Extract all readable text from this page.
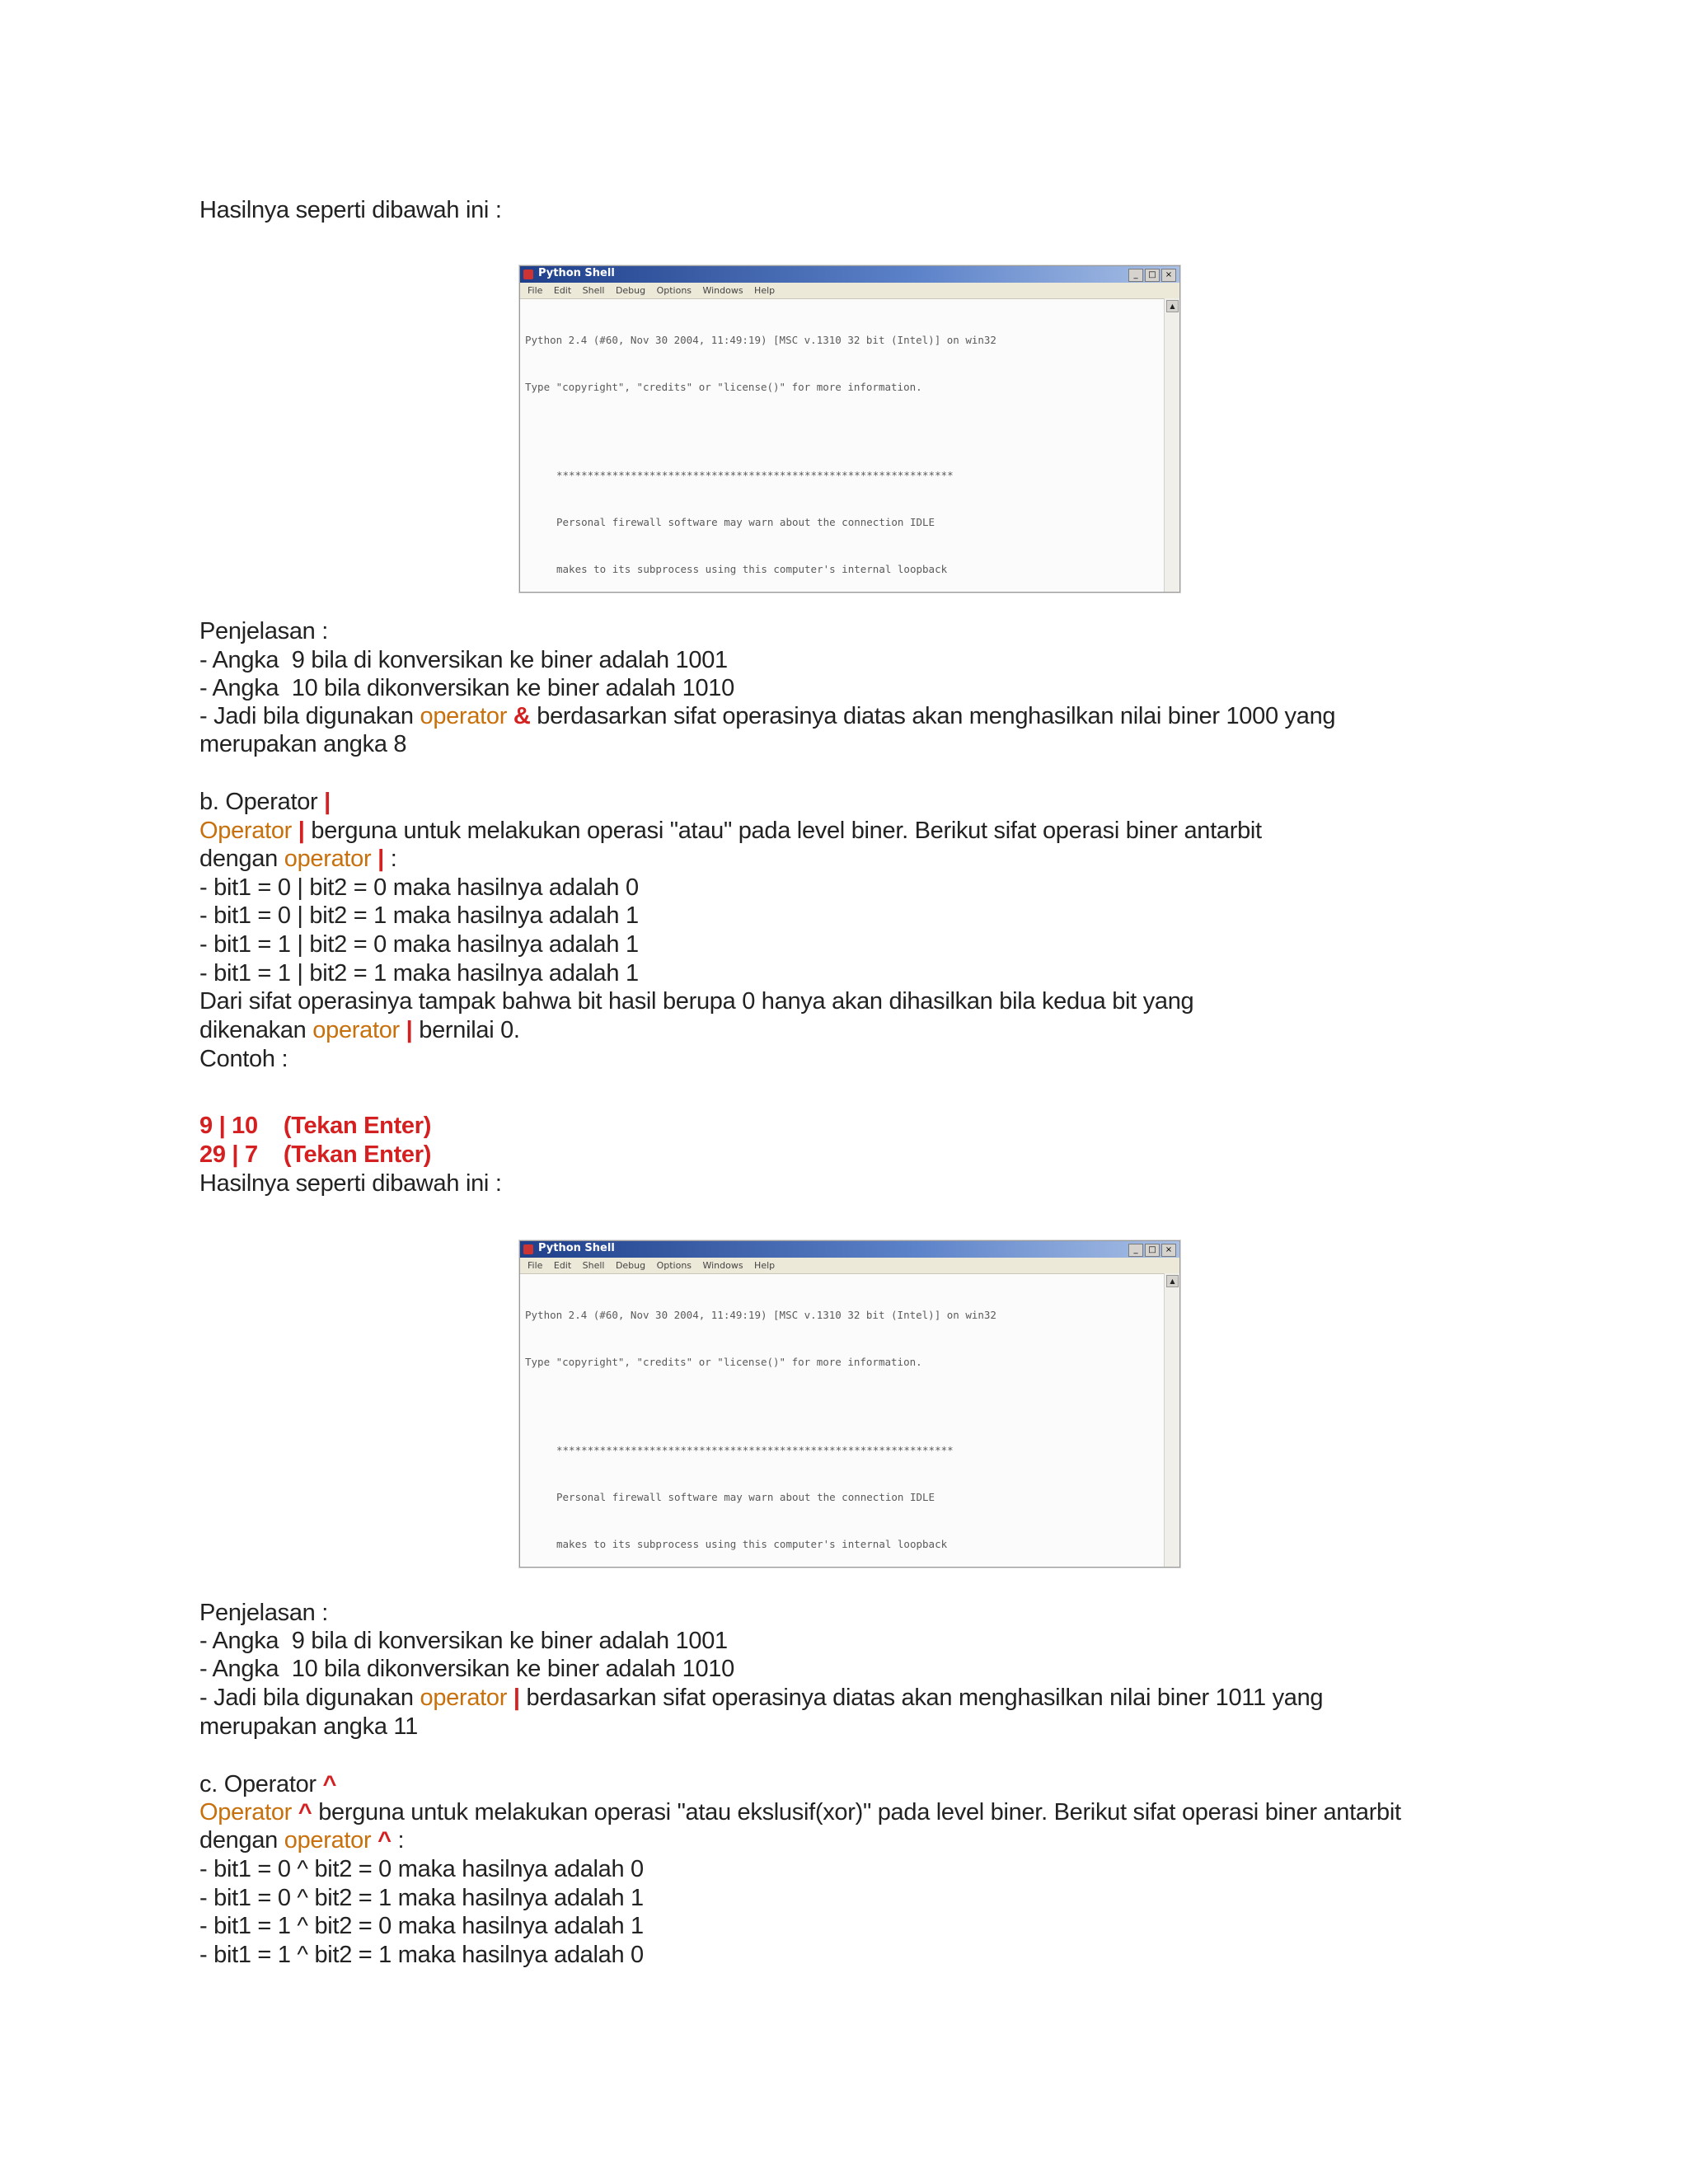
Hasilnya seperti dibawah ini :
Python Shell	_	□	×
File Edit Shell Debug Options Windows Help

Python 2.4 (#60, Nov 30 2004, 11:49:19) [MSC v.1310 32 bit (Intel)] on win32

Type "copyright", "credits" or "license()" for more information.

****************************************************************

Personal firewall software may warn about the connection IDLE

makes to its subprocess using this computer's internal loopback

▲
Penjelasan :
- Angka  9 bila di konversikan ke biner adalah 1001
- Angka  10 bila dikonversikan ke biner adalah 1010
- Jadi bila digunakan operator & berdasarkan sifat operasinya diatas akan menghasilkan nilai biner 1000 yang
merupakan angka 8
b. Operator |
Operator | berguna untuk melakukan operasi "atau" pada level biner. Berikut sifat operasi biner antarbit
dengan operator | :
- bit1 = 0 | bit2 = 0 maka hasilnya adalah 0
- bit1 = 0 | bit2 = 1 maka hasilnya adalah 1
- bit1 = 1 | bit2 = 0 maka hasilnya adalah 1
- bit1 = 1 | bit2 = 1 maka hasilnya adalah 1
Dari sifat operasinya tampak bahwa bit hasil berupa 0 hanya akan dihasilkan bila kedua bit yang
dikenakan operator | bernilai 0.
Contoh :
9 | 10    (Tekan Enter)
29 | 7    (Tekan Enter)
Hasilnya seperti dibawah ini :
Python Shell	_	□	×
File Edit Shell Debug Options Windows Help

Python 2.4 (#60, Nov 30 2004, 11:49:19) [MSC v.1310 32 bit (Intel)] on win32

Type "copyright", "credits" or "license()" for more information.

****************************************************************

Personal firewall software may warn about the connection IDLE

makes to its subprocess using this computer's internal loopback

▲
Penjelasan :
- Angka  9 bila di konversikan ke biner adalah 1001
- Angka  10 bila dikonversikan ke biner adalah 1010
- Jadi bila digunakan operator | berdasarkan sifat operasinya diatas akan menghasilkan nilai biner 1011 yang
merupakan angka 11
c. Operator ^
Operator ^ berguna untuk melakukan operasi "atau ekslusif(xor)" pada level biner. Berikut sifat operasi biner antarbit
dengan operator ^ :
- bit1 = 0 ^ bit2 = 0 maka hasilnya adalah 0
- bit1 = 0 ^ bit2 = 1 maka hasilnya adalah 1
- bit1 = 1 ^ bit2 = 0 maka hasilnya adalah 1
- bit1 = 1 ^ bit2 = 1 maka hasilnya adalah 0
